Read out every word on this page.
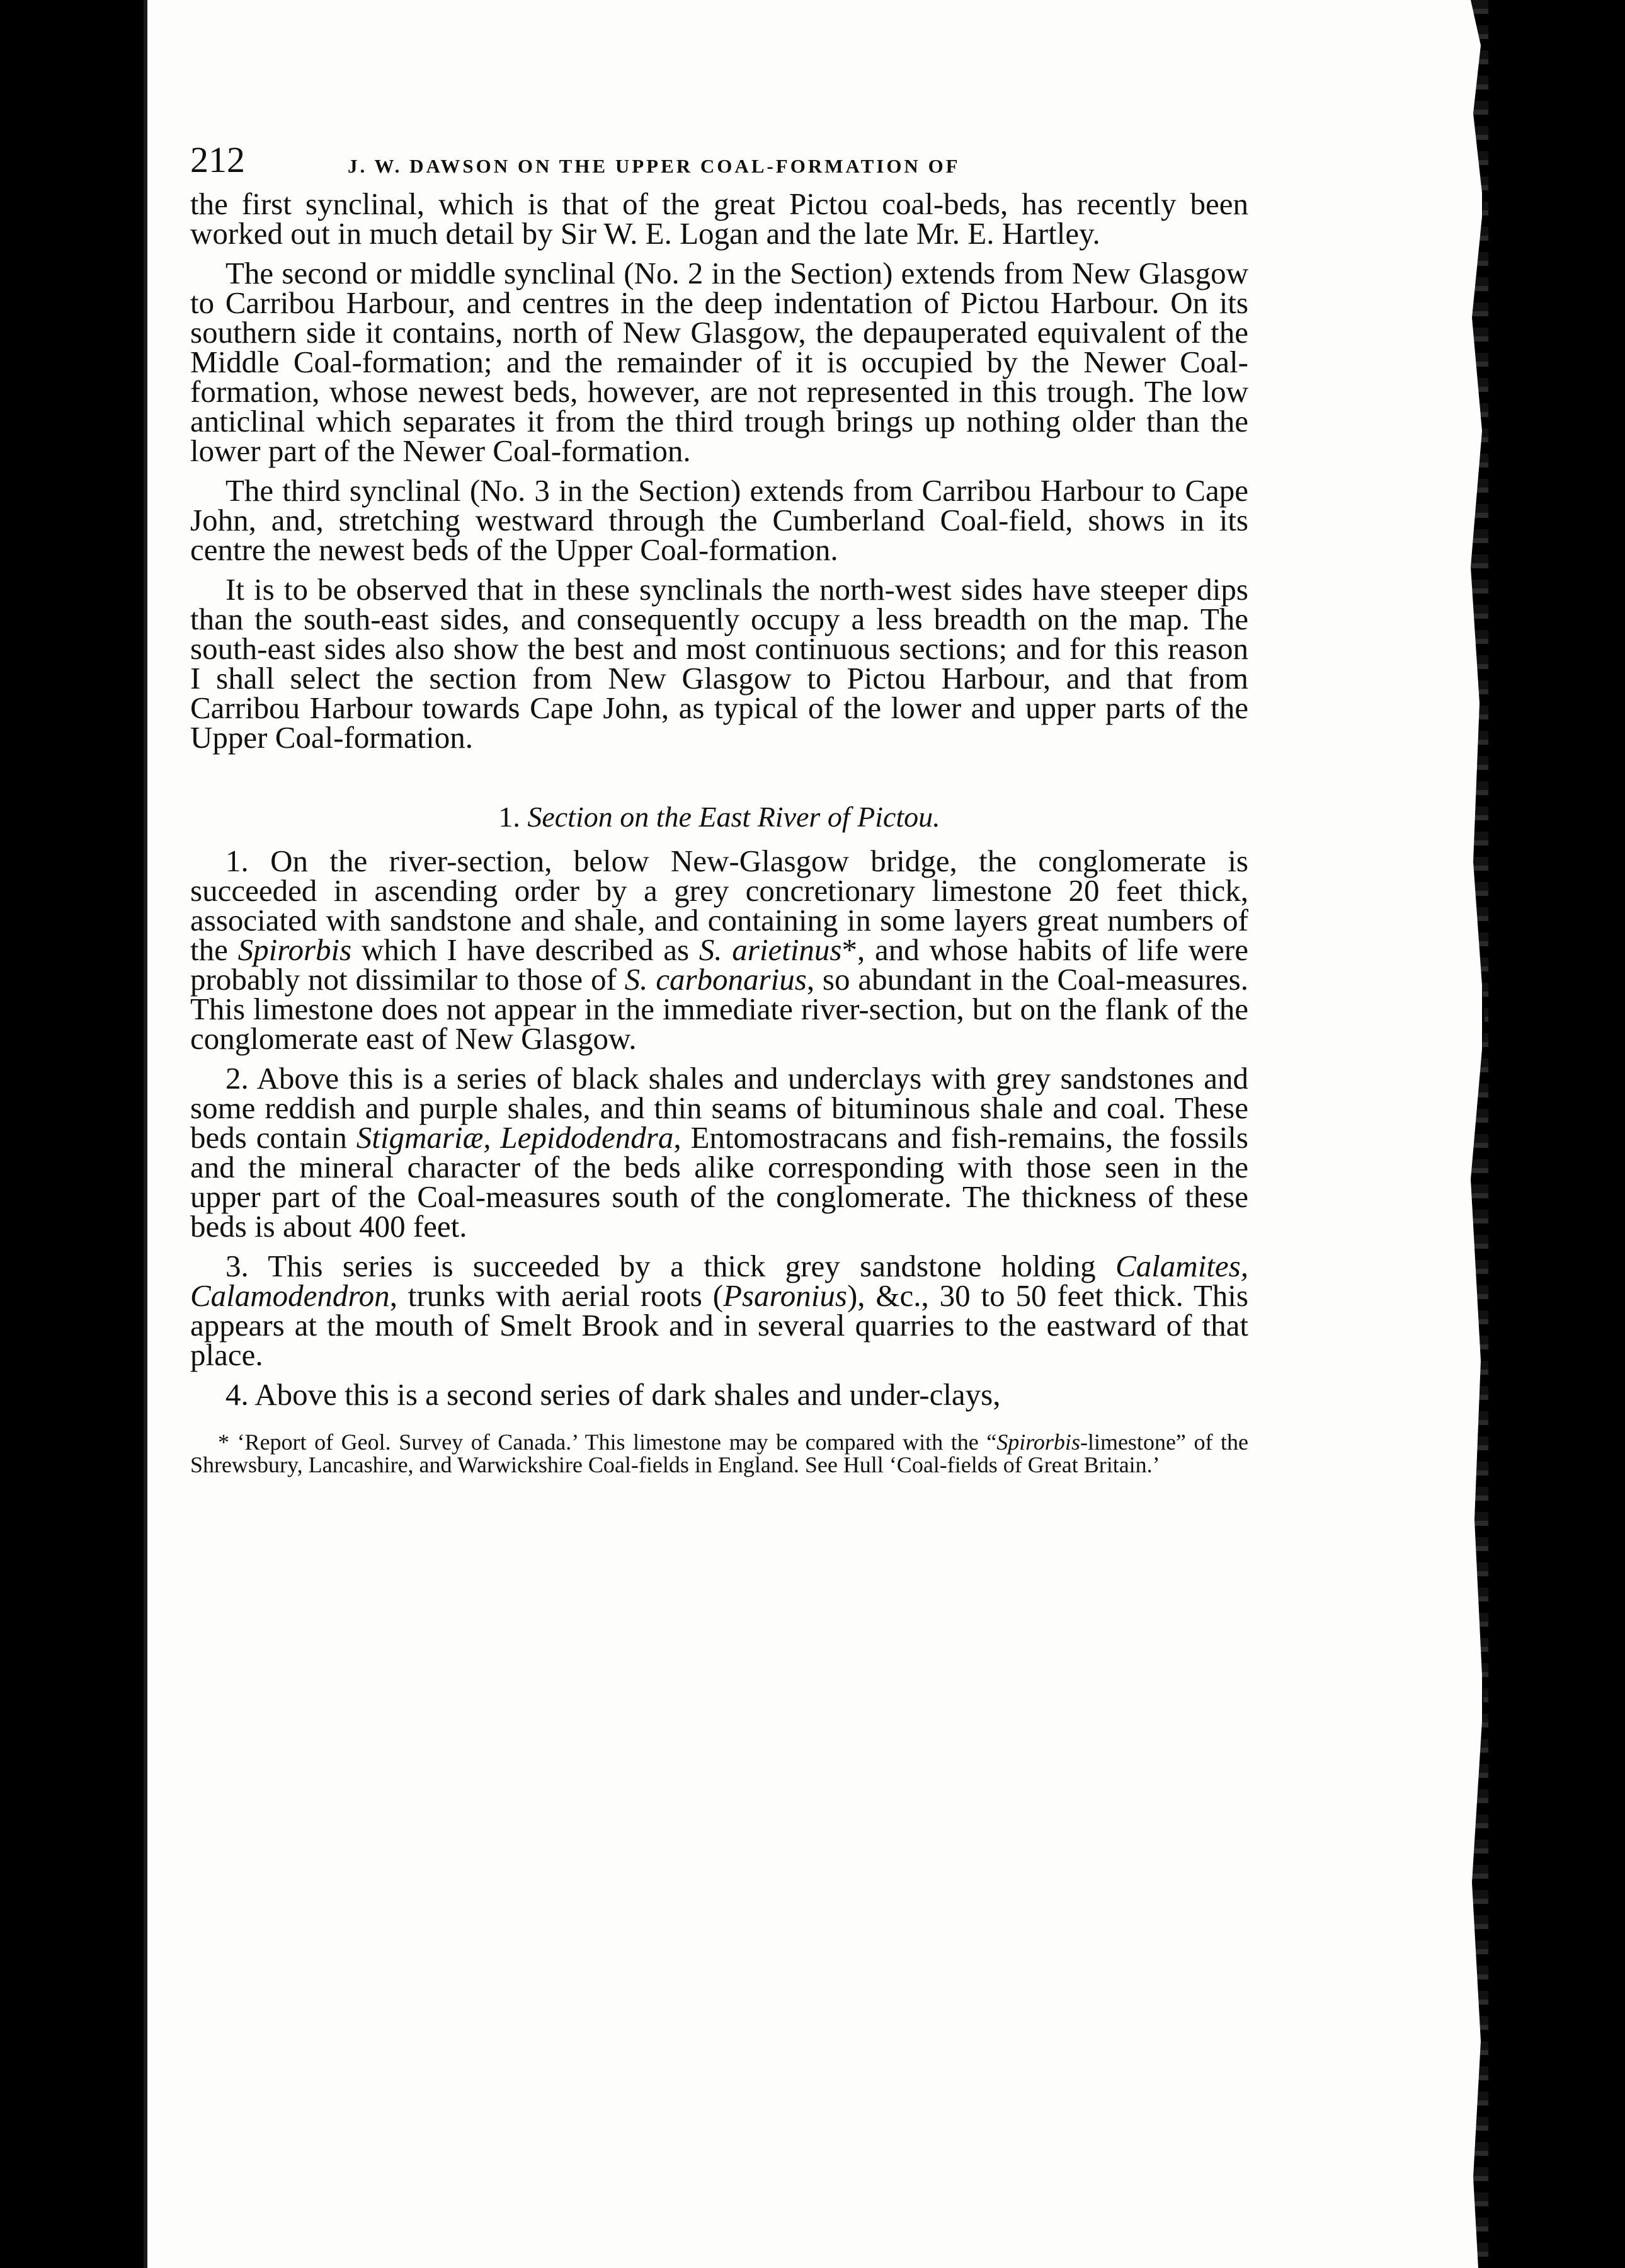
212	J. W. DAWSON ON THE UPPER COAL-FORMATION OF

the first synclinal, which is that of the great Pictou coal-beds, has recently been worked out in much detail by Sir W. E. Logan and the late Mr. E. Hartley.

The second or middle synclinal (No. 2 in the Section) extends from New Glasgow to Carribou Harbour, and centres in the deep indentation of Pictou Harbour. On its southern side it contains, north of New Glasgow, the depauperated equivalent of the Middle Coal-formation; and the remainder of it is occupied by the Newer Coal-formation, whose newest beds, however, are not represented in this trough. The low anticlinal which separates it from the third trough brings up nothing older than the lower part of the Newer Coal-formation.

The third synclinal (No. 3 in the Section) extends from Carribou Harbour to Cape John, and, stretching westward through the Cumberland Coal-field, shows in its centre the newest beds of the Upper Coal-formation.

It is to be observed that in these synclinals the north-west sides have steeper dips than the south-east sides, and consequently occupy a less breadth on the map. The south-east sides also show the best and most continuous sections; and for this reason I shall select the section from New Glasgow to Pictou Harbour, and that from Carribou Harbour towards Cape John, as typical of the lower and upper parts of the Upper Coal-formation.

1. Section on the East River of Pictou.

1. On the river-section, below New-Glasgow bridge, the conglomerate is succeeded in ascending order by a grey concretionary limestone 20 feet thick, associated with sandstone and shale, and containing in some layers great numbers of the Spirorbis which I have described as S. arietinus*, and whose habits of life were probably not dissimilar to those of S. carbonarius, so abundant in the Coal-measures. This limestone does not appear in the immediate river-section, but on the flank of the conglomerate east of New Glasgow.

2. Above this is a series of black shales and underclays with grey sandstones and some reddish and purple shales, and thin seams of bituminous shale and coal. These beds contain Stigmariæ, Lepidodendra, Entomostracans and fish-remains, the fossils and the mineral character of the beds alike corresponding with those seen in the upper part of the Coal-measures south of the conglomerate. The thickness of these beds is about 400 feet.

3. This series is succeeded by a thick grey sandstone holding Calamites, Calamodendron, trunks with aerial roots (Psaronius), &c., 30 to 50 feet thick. This appears at the mouth of Smelt Brook and in several quarries to the eastward of that place.

4. Above this is a second series of dark shales and under-clays,

* ‘Report of Geol. Survey of Canada.’ This limestone may be compared with the “Spirorbis-limestone” of the Shrewsbury, Lancashire, and Warwickshire Coal-fields in England. See Hull ‘Coal-fields of Great Britain.’
